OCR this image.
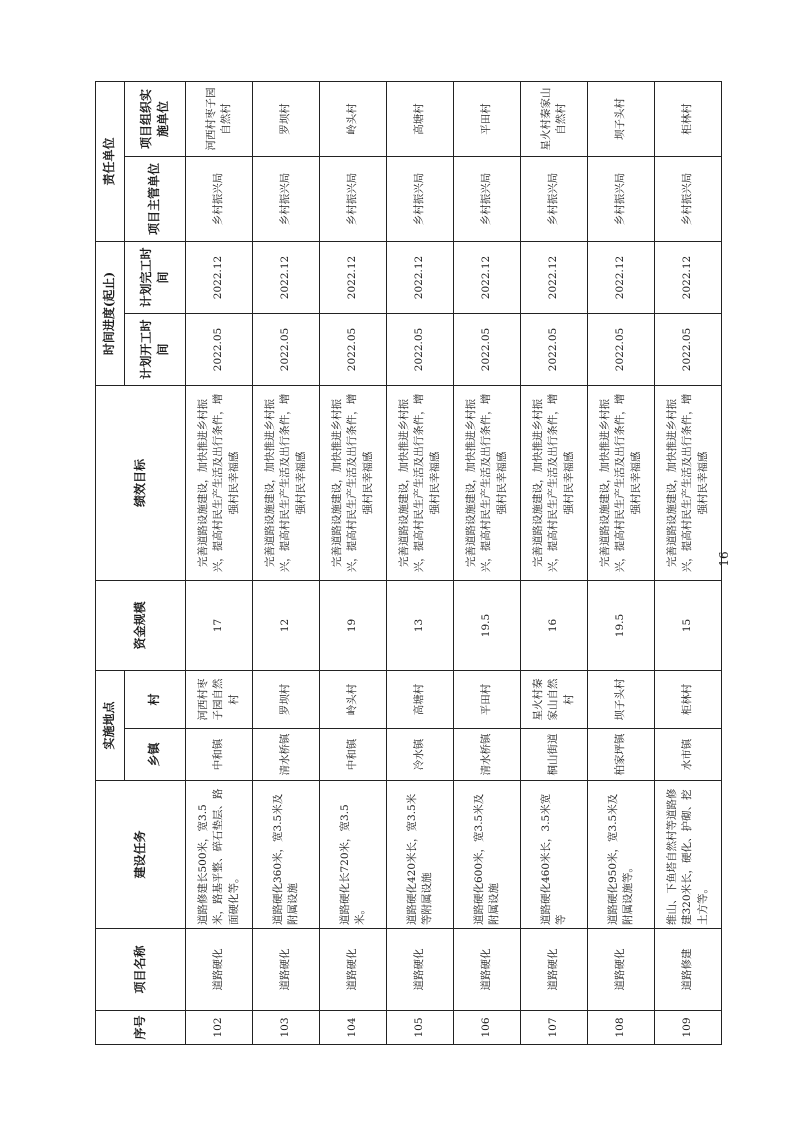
序号	项目名称	建设任务	实施地点		资金规模	绩效目标	时间进度(起止)		责任单位	
			乡镇	村			计划开工时间	计划完工时间	项目主管单位	项目组织实施单位
102	道路硬化	道路修建长500米，宽3.5米，路基平整、碎石垫层、路面硬化等。	中和镇	河西村枣子园自然村	17	完善道路设施建设，加快推进乡村振兴，提高村民生产生活及出行条件，增强村民幸福感	2022.05	2022.12	乡村振兴局	河西村枣子园自然村
103	道路硬化	道路硬化360米，宽3.5米及附属设施	清水桥镇	罗坝村	12	完善道路设施建设，加快推进乡村振兴，提高村民生产生活及出行条件，增强村民幸福感	2022.05	2022.12	乡村振兴局	罗坝村
104	道路硬化	道路硬化长720米，宽3.5米。	中和镇	岭头村	19	完善道路设施建设，加快推进乡村振兴，提高村民生产生活及出行条件，增强村民幸福感	2022.05	2022.12	乡村振兴局	岭头村
105	道路硬化	道路硬化420米长，宽3.5米等附属设施	冷水镇	高塘村	13	完善道路设施建设，加快推进乡村振兴，提高村民生产生活及出行条件，增强村民幸福感	2022.05	2022.12	乡村振兴局	高塘村
106	道路硬化	道路硬化600米，宽3.5米及附属设施	清水桥镇	平田村	19.5	完善道路设施建设，加快推进乡村振兴，提高村民生产生活及出行条件，增强村民幸福感	2022.05	2022.12	乡村振兴局	平田村
107	道路硬化	道路硬化460米长，3.5米宽等	桐山街道	星火村秦家山自然村	16	完善道路设施建设，加快推进乡村振兴，提高村民生产生活及出行条件，增强村民幸福感	2022.05	2022.12	乡村振兴局	星火村秦家山自然村
108	道路硬化	道路硬化950米，宽3.5米及附属设施等。	柏家坪镇	坝子头村	19.5	完善道路设施建设，加快推进乡村振兴，提高村民生产生活及出行条件，增强村民幸福感	2022.05	2022.12	乡村振兴局	坝子头村
109	道路修建	维山、下鱼塔自然村等道路修建320米长，硬化、护砌、挖土方等。	水市镇	柜林村	15	完善道路设施建设，加快推进乡村振兴，提高村民生产生活及出行条件，增强村民幸福感	2022.05	2022.12	乡村振兴局	柜林村
16
